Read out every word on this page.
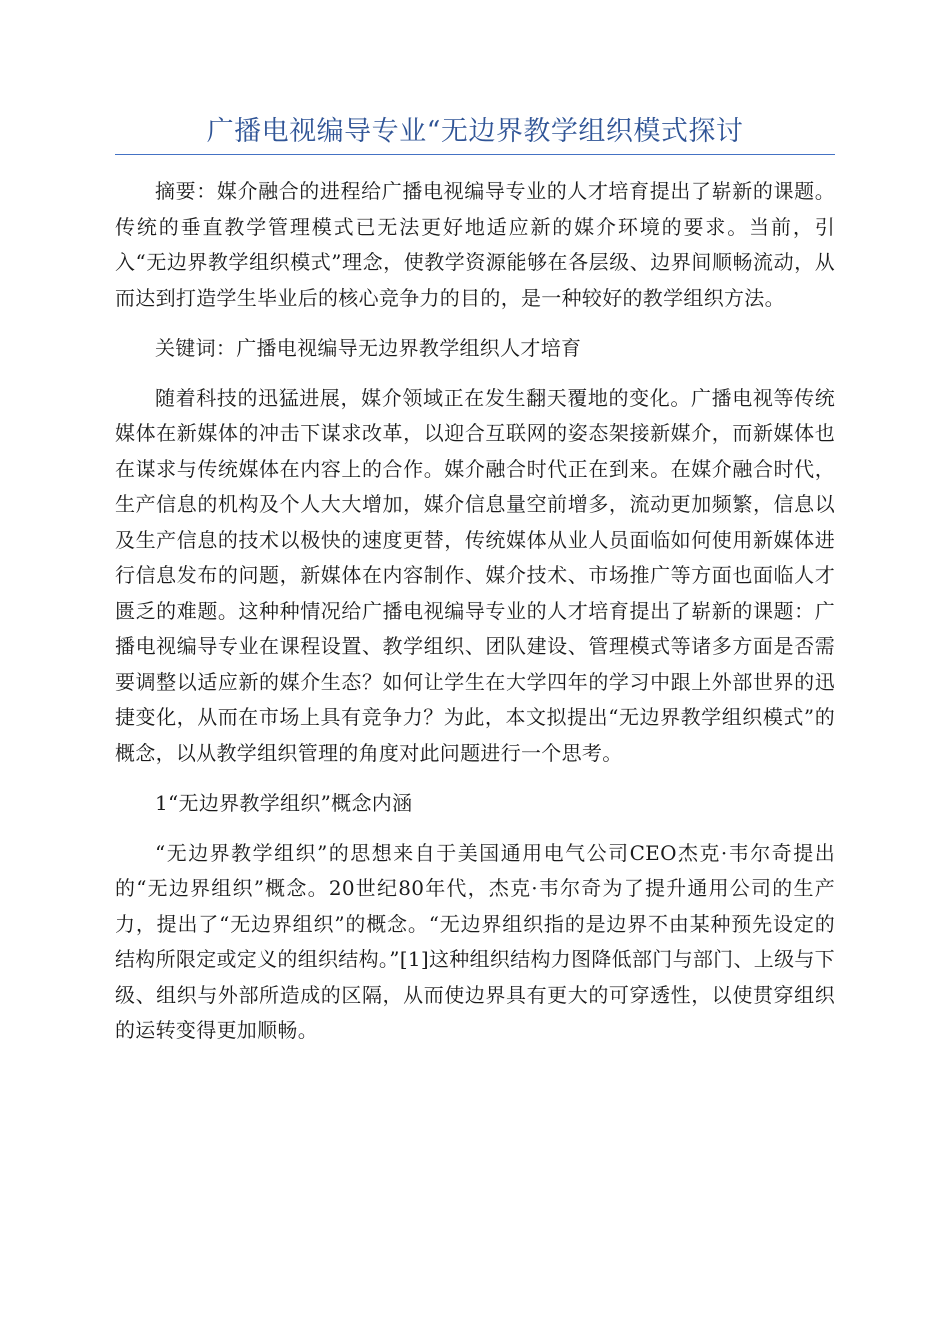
广播电视编导专业“无边界教学组织模式探讨

摘要：媒介融合的进程给广播电视编导专业的人才培育提出了崭新的课题。传统的垂直教学管理模式已无法更好地适应新的媒介环境的要求。当前，引入“无边界教学组织模式”理念，使教学资源能够在各层级、边界间顺畅流动，从而达到打造学生毕业后的核心竞争力的目的，是一种较好的教学组织方法。

关键词：广播电视编导无边界教学组织人才培育

随着科技的迅猛进展，媒介领域正在发生翻天覆地的变化。广播电视等传统媒体在新媒体的冲击下谋求改革，以迎合互联网的姿态架接新媒介，而新媒体也在谋求与传统媒体在内容上的合作。媒介融合时代正在到来。在媒介融合时代，生产信息的机构及个人大大增加，媒介信息量空前增多，流动更加频繁，信息以及生产信息的技术以极快的速度更替，传统媒体从业人员面临如何使用新媒体进行信息发布的问题，新媒体在内容制作、媒介技术、市场推广等方面也面临人才匮乏的难题。这种种情况给广播电视编导专业的人才培育提出了崭新的课题：广播电视编导专业在课程设置、教学组织、团队建设、管理模式等诸多方面是否需要调整以适应新的媒介生态？如何让学生在大学四年的学习中跟上外部世界的迅捷变化，从而在市场上具有竞争力？为此，本文拟提出“无边界教学组织模式”的概念，以从教学组织管理的角度对此问题进行一个思考。

1“无边界教学组织”概念内涵

“无边界教学组织”的思想来自于美国通用电气公司CEO杰克·韦尔奇提出的“无边界组织”概念。20世纪80年代，杰克·韦尔奇为了提升通用公司的生产力，提出了“无边界组织”的概念。“无边界组织指的是边界不由某种预先设定的结构所限定或定义的组织结构。”[1]这种组织结构力图降低部门与部门、上级与下级、组织与外部所造成的区隔，从而使边界具有更大的可穿透性，以使贯穿组织的运转变得更加顺畅。
